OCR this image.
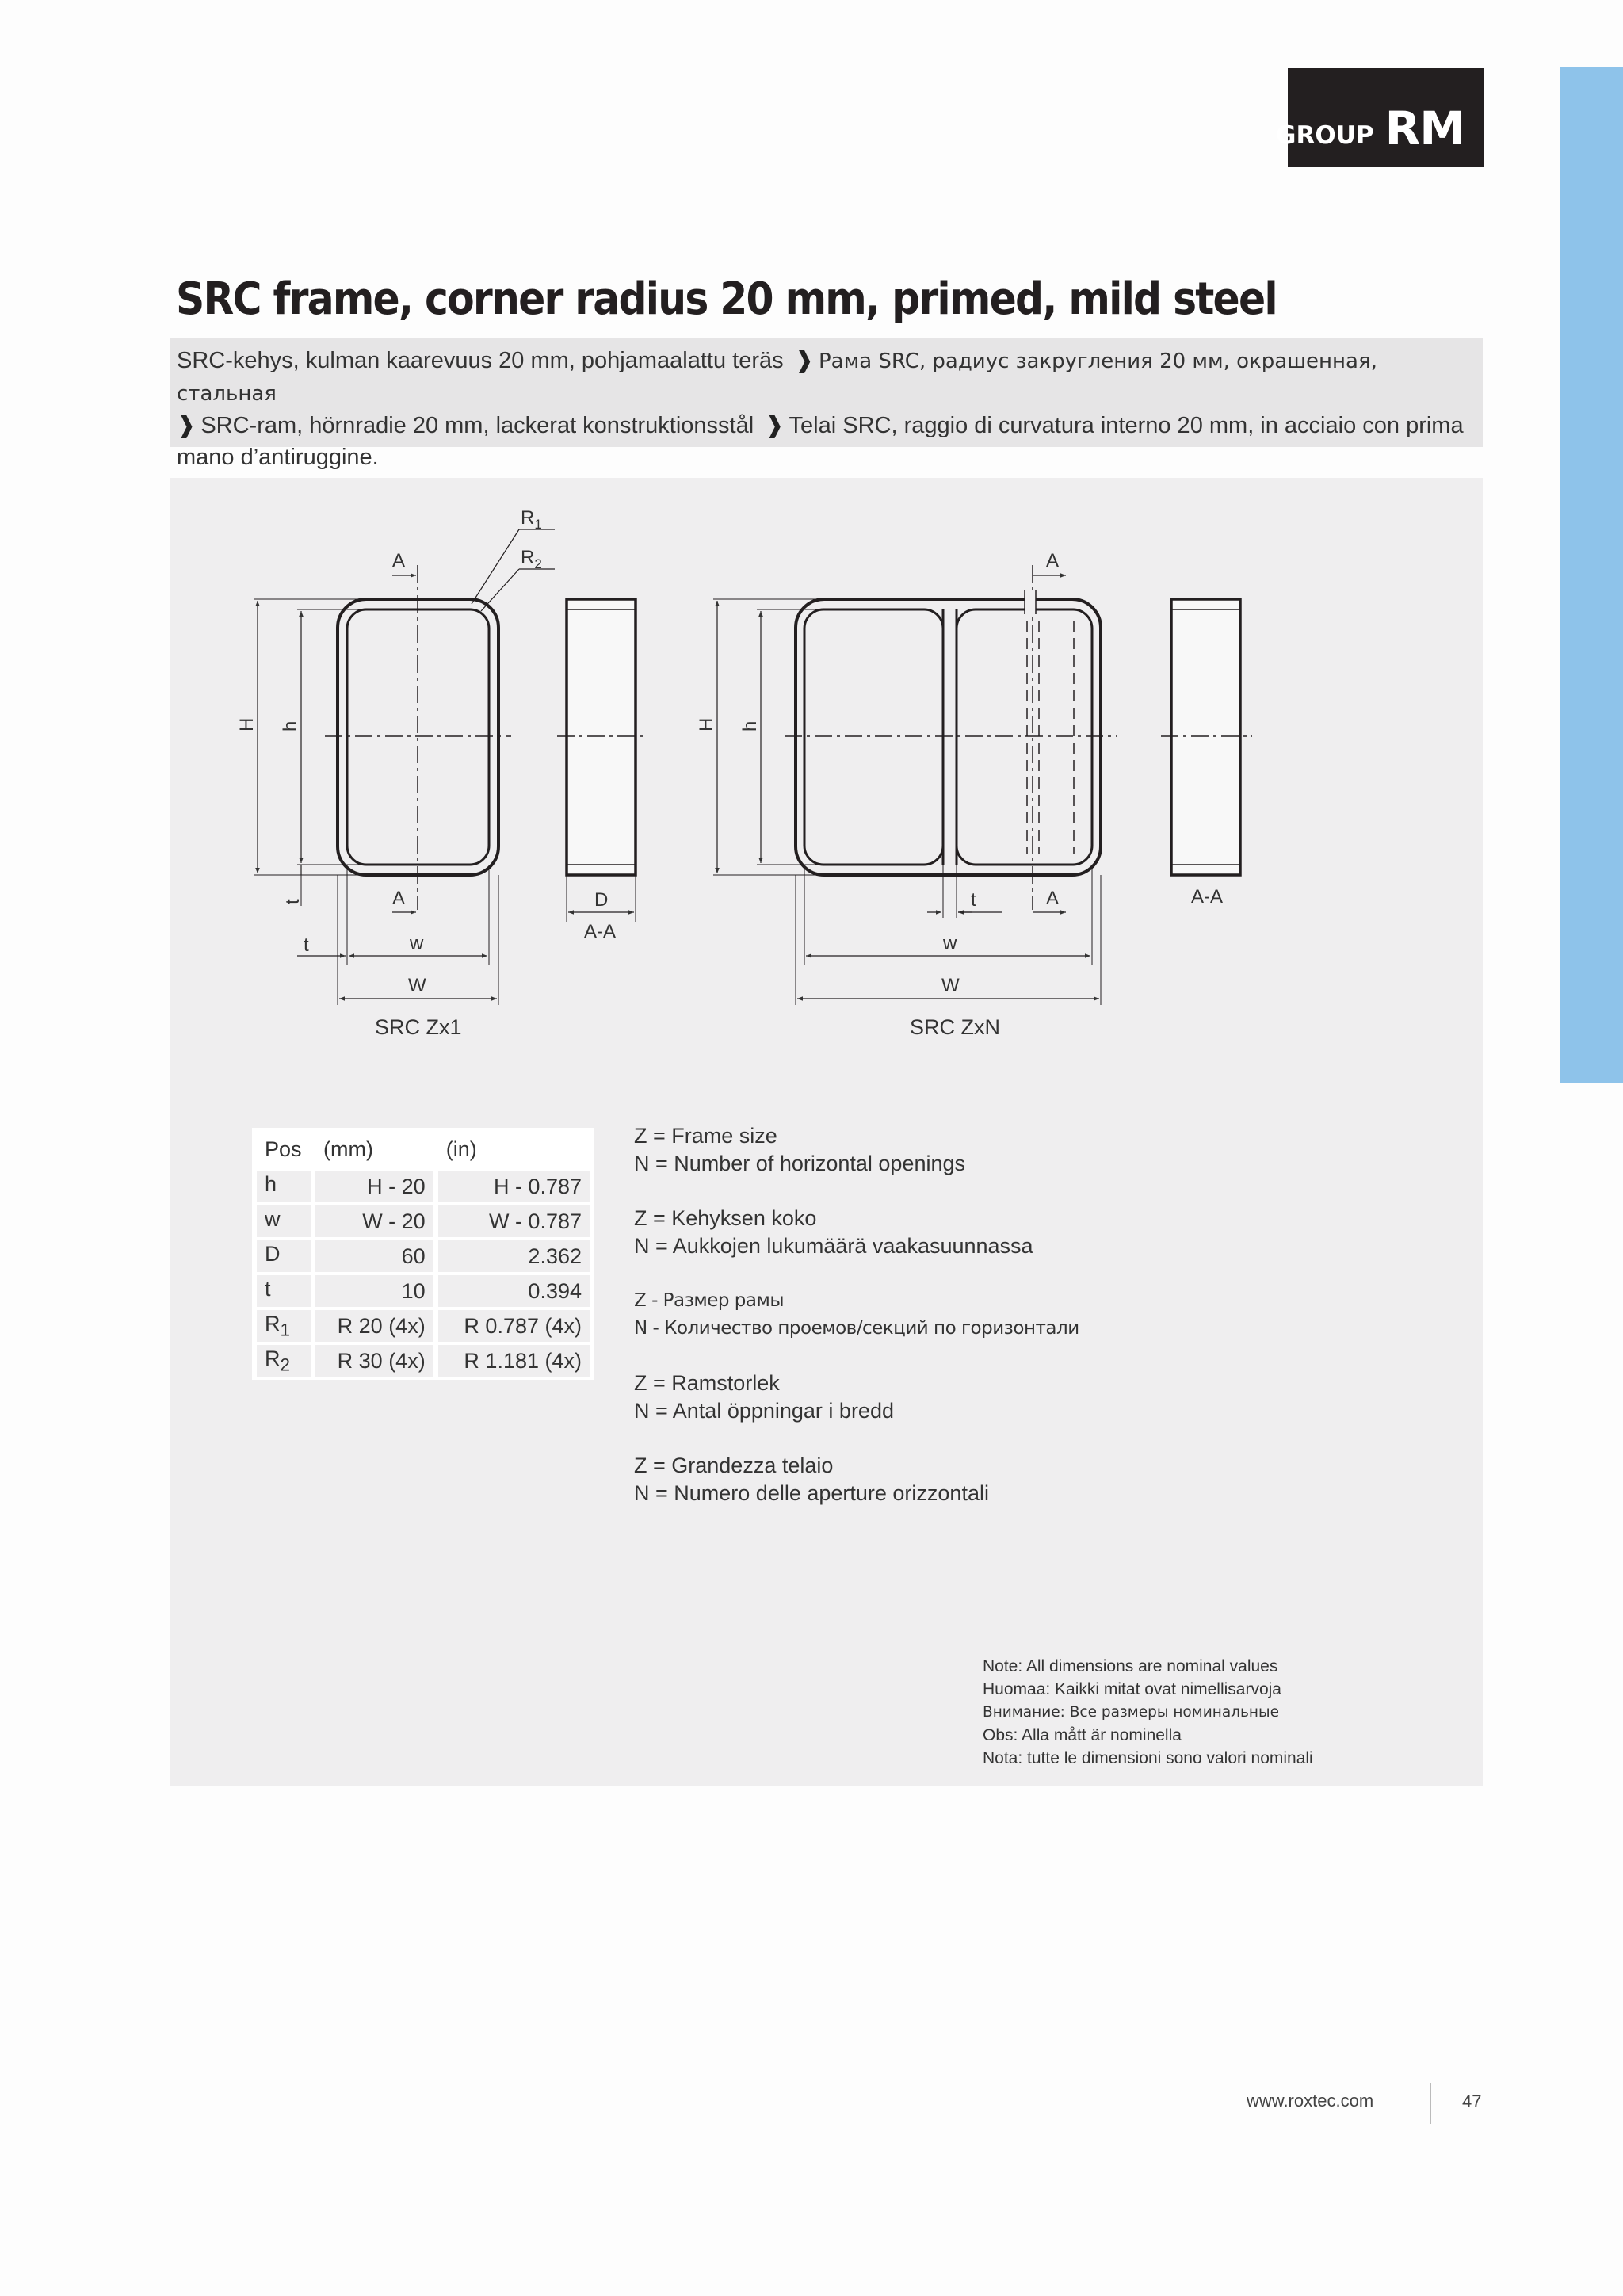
GROUP RM
SRC frame, corner radius 20 mm, primed, mild steel
SRC-kehys, kulman kaarevuus 20 mm, pohjamaalattu teräs ❱ Рама SRC, радиус закругления 20 мм, окрашенная, стальная
❱ SRC-ram, hörnradie 20 mm, lackerat konstruktionsstål ❱ Telai SRC, raggio di curvatura interno 20 mm, in acciaio con prima mano d’antiruggine.
$R_1$
$R_2$
A
A
H h
t
t	w
W
D
A-A
SRC Zx1
A
A
H h
t
w
W
A-A
SRC ZxN
Pos	(mm)	(in)
h	H - 20	H - 0.787
w	W - 20	W - 0.787
D	60	2.362
t	10	0.394
$R_1$	R 20 (4x)	R 0.787 (4x)
$R_2$	R 30 (4x)	R 1.181 (4x)
Z = Frame size
N = Number of horizontal openings
Z = Kehyksen koko
N = Aukkojen lukumäärä vaakasuunnassa
Z - Размер рамы
N - Количество проемов/секций по горизонтали
Z = Ramstorlek
N = Antal öppningar i bredd
Z = Grandezza telaio
N = Numero delle aperture orizzontali
Note: All dimensions are nominal values
Huomaa: Kaikki mitat ovat nimellisarvoja
Внимание: Все размеры номинальные
Obs: Alla mått är nominella
Nota: tutte le dimensioni sono valori nominali
www.roxtec.com	47
